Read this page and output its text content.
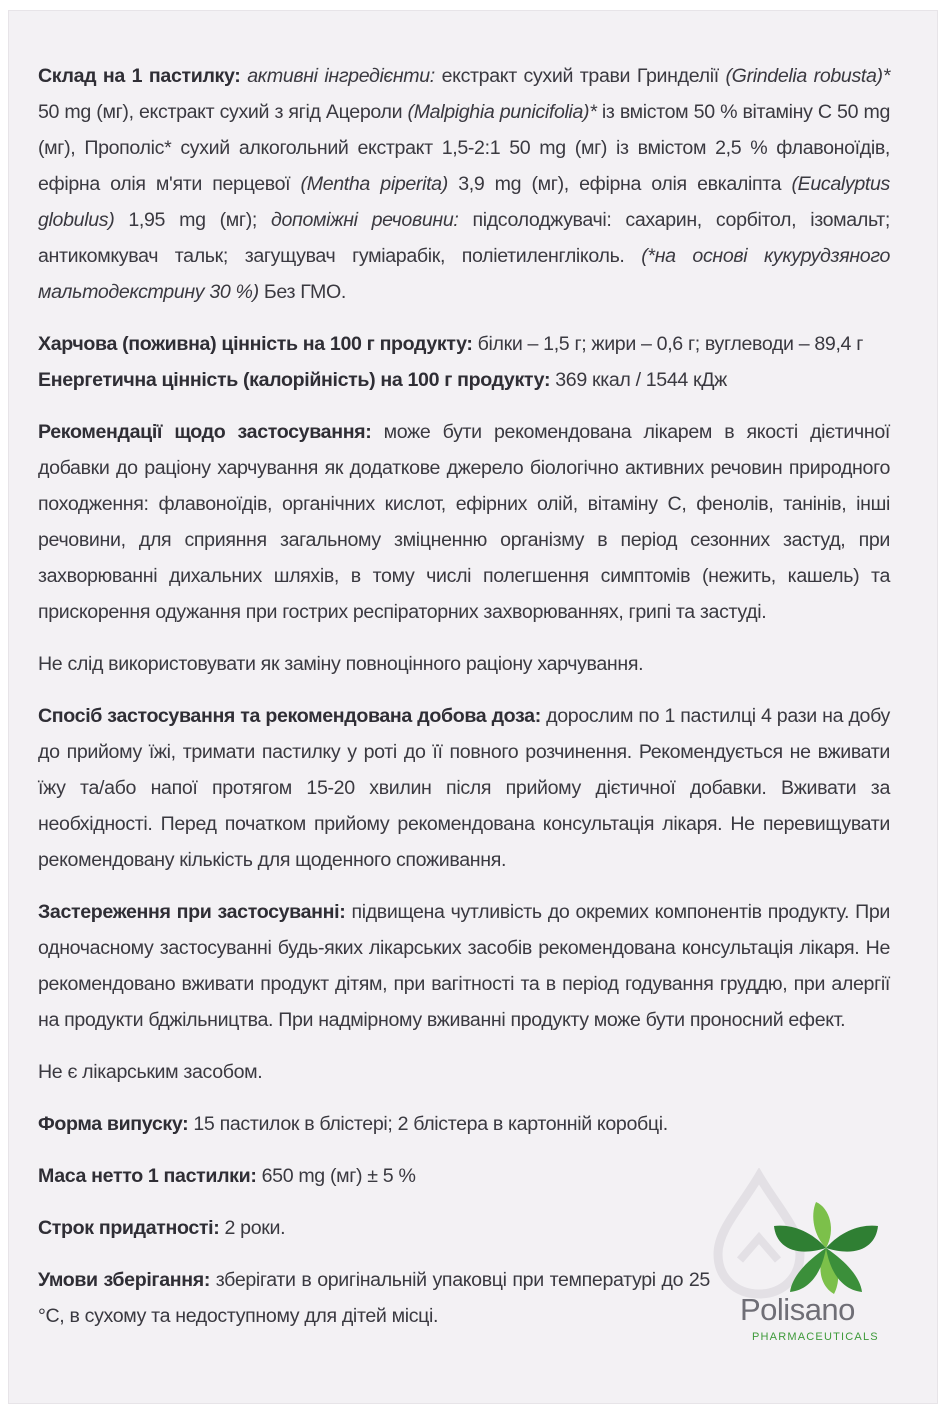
Склад на 1 пастилку: активні інгредієнти: екстракт сухий трави Гринделії (Grindelia robusta)* 50 mg (мг), екстракт сухий з ягід Ацероли (Malpighia punicifolia)* із вмістом 50 % вітаміну С 50 mg (мг), Прополіс* сухий алкогольний екстракт 1,5-2:1 50 mg (мг) із вмістом 2,5 % флавоноїдів, ефірна олія м'яти перцевої (Mentha piperita) 3,9 mg (мг), ефірна олія евкаліпта (Eucalyptus globulus) 1,95 mg (мг); допоміжні речовини: підсолоджувачі: сахарин, сорбітол, ізомальт; антикомкувач тальк; загущувач гуміарабік, поліетиленгліколь. (*на основі кукурудзяного мальтодекстрину 30 %) Без ГМО.

Харчова (поживна) цінність на 100 г продукту: білки – 1,5 г; жири – 0,6 г; вуглеводи – 89,4 г

Енергетична цінність (калорійність) на 100 г продукту: 369 ккал / 1544 кДж

Рекомендації щодо застосування: може бути рекомендована лікарем в якості дієтичної добавки до раціону харчування як додаткове джерело біологічно активних речовин природного походження: флавоноїдів, органічних кислот, ефірних олій, вітаміну С, фенолів, танінів, інші речовини, для сприяння загальному зміцненню організму в період сезонних застуд, при захворюванні дихальних шляхів, в тому числі полегшення симптомів (нежить, кашель) та прискорення одужання при гострих респіраторних захворюваннях, грипі та застуді.

Не слід використовувати як заміну повноцінного раціону харчування.

Спосіб застосування та рекомендована добова доза: дорослим по 1 пастилці 4 рази на добу до прийому їжі, тримати пастилку у роті до її повного розчинення. Рекомендується не вживати їжу та/або напої протягом 15-20 хвилин після прийому дієтичної добавки. Вживати за необхідності. Перед початком прийому рекомендована консультація лікаря. Не перевищувати рекомендовану кількість для щоденного споживання.

Застереження при застосуванні: підвищена чутливість до окремих компонентів продукту. При одночасному застосуванні будь-яких лікарських засобів рекомендована консультація лікаря. Не рекомендовано вживати продукт дітям, при вагітності та в період годування груддю, при алергії на продукти бджільництва. При надмірному вживанні продукту може бути проносний ефект.

Не є лікарським засобом.

Форма випуску: 15 пастилок в блістері; 2 блістера в картонній коробці.

Маса нетто 1 пастилки: 650 mg (мг) ± 5 %

Строк придатності: 2 роки.

Умови зберігання: зберігати в оригінальній упаковці при температурі до 25 °С, в сухому та недоступному для дітей місці.	Polisano
PHARMACEUTICALS
